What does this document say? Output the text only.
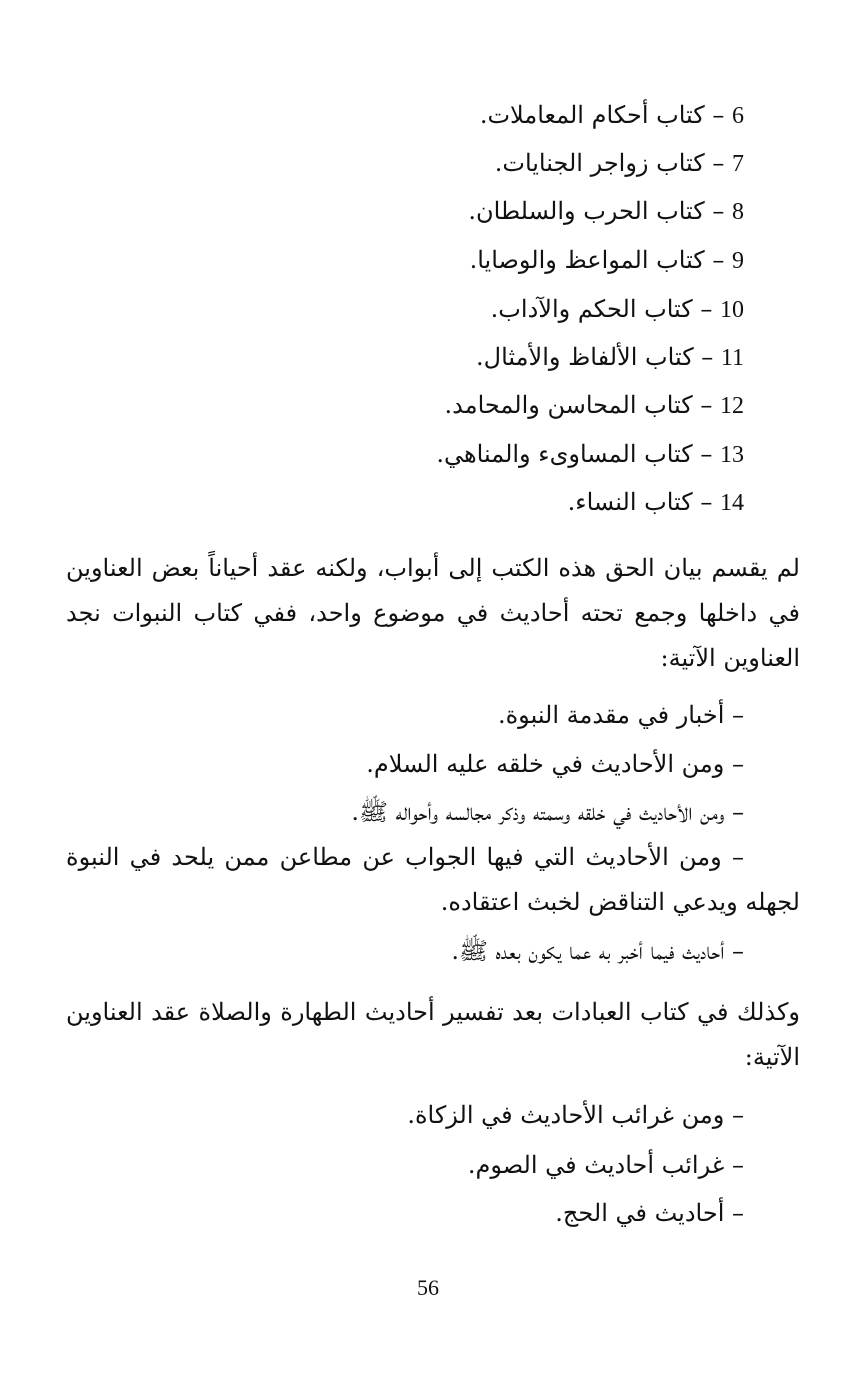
6 – كتاب أحكام المعاملات.
7 – كتاب زواجر الجنايات.
8 – كتاب الحرب والسلطان.
9 – كتاب المواعظ والوصايا.
10 – كتاب الحكم والآداب.
11 – كتاب الألفاظ والأمثال.
12 – كتاب المحاسن والمحامد.
13 – كتاب المساوىء والمناهي.
14 – كتاب النساء.
لم يقسم بيان الحق هذه الكتب إلى أبواب، ولكنه عقد أحياناً بعض العناوين في داخلها وجمع تحته أحاديث في موضوع واحد، ففي كتاب النبوات نجد العناوين الآتية:
– أخبار في مقدمة النبوة.
– ومن الأحاديث في خلقه عليه السلام.
– ومن الأحاديث في خلقه وسمته وذكر مجالسه وأحواله ﷺ.
– ومن الأحاديث التي فيها الجواب عن مطاعن ممن يلحد في النبوة لجهله ويدعي التناقض لخبث اعتقاده.
– أحاديث فيما أخبر به عما يكون بعده ﷺ.
وكذلك في كتاب العبادات بعد تفسير أحاديث الطهارة والصلاة عقد العناوين الآتية:
– ومن غرائب الأحاديث في الزكاة.
– غرائب أحاديث في الصوم.
– أحاديث في الحج.
56
